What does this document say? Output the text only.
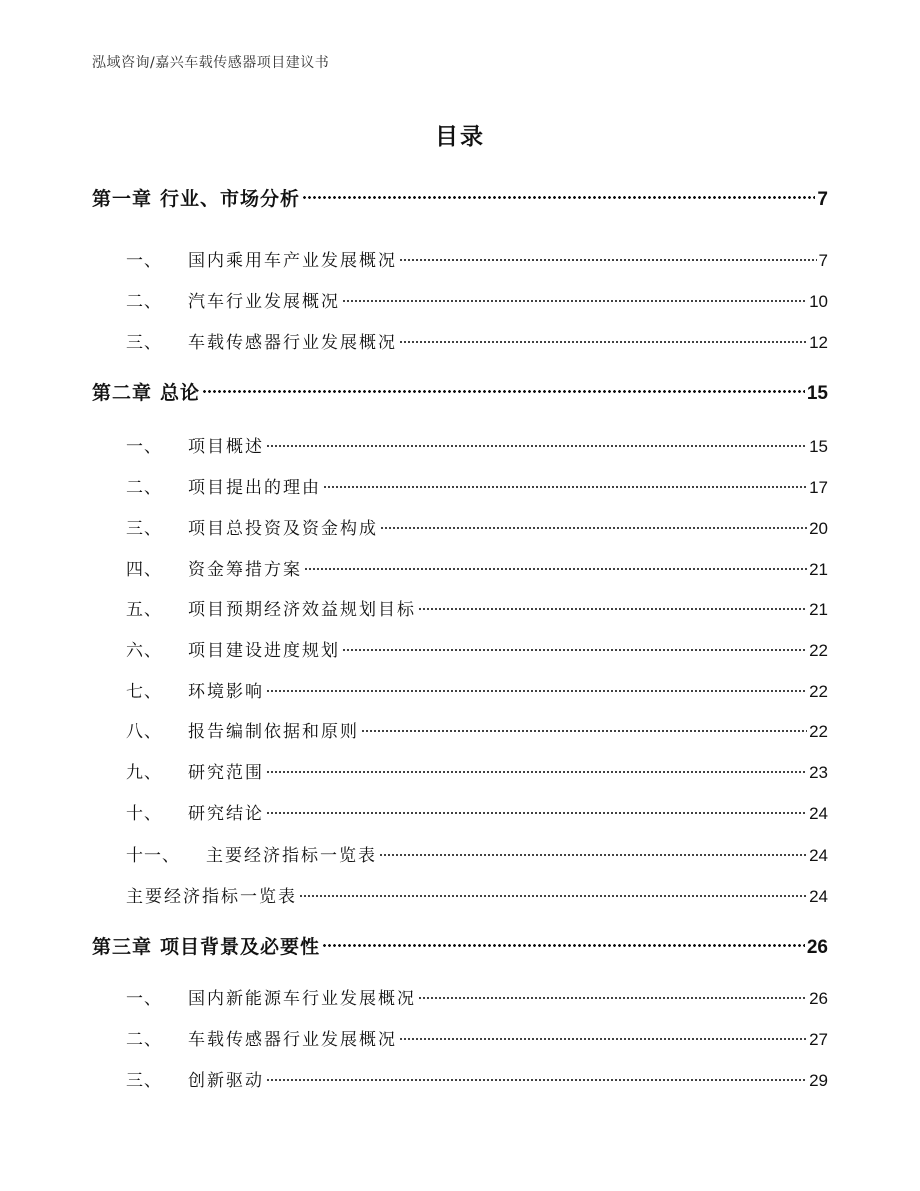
泓域咨询/嘉兴车载传感器项目建议书
目录
第一章 行业、市场分析	7
一、 国内乘用车产业发展概况	7
二、 汽车行业发展概况	10
三、 车载传感器行业发展概况	12
第二章 总论	15
一、 项目概述	15
二、 项目提出的理由	17
三、 项目总投资及资金构成	20
四、 资金筹措方案	21
五、 项目预期经济效益规划目标	21
六、 项目建设进度规划	22
七、 环境影响	22
八、 报告编制依据和原则	22
九、 研究范围	23
十、 研究结论	24
十一、 主要经济指标一览表	24
主要经济指标一览表	24
第三章 项目背景及必要性	26
一、 国内新能源车行业发展概况	26
二、 车载传感器行业发展概况	27
三、 创新驱动	29
